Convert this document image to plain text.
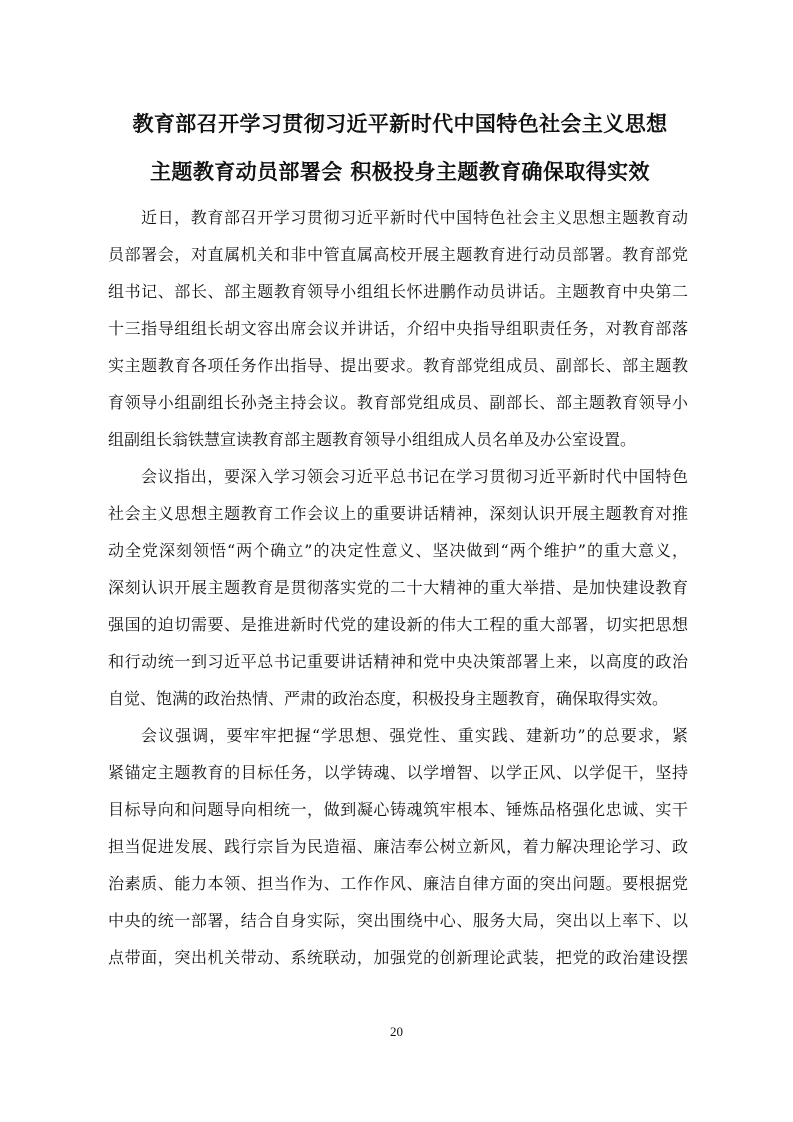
教育部召开学习贯彻习近平新时代中国特色社会主义思想
主题教育动员部署会 积极投身主题教育确保取得实效
近日，教育部召开学习贯彻习近平新时代中国特色社会主义思想主题教育动
员部署会，对直属机关和非中管直属高校开展主题教育进行动员部署。教育部党
组书记、部长、部主题教育领导小组组长怀进鹏作动员讲话。主题教育中央第二
十三指导组组长胡文容出席会议并讲话，介绍中央指导组职责任务，对教育部落
实主题教育各项任务作出指导、提出要求。教育部党组成员、副部长、部主题教
育领导小组副组长孙尧主持会议。教育部党组成员、副部长、部主题教育领导小
组副组长翁铁慧宣读教育部主题教育领导小组组成人员名单及办公室设置。
会议指出，要深入学习领会习近平总书记在学习贯彻习近平新时代中国特色
社会主义思想主题教育工作会议上的重要讲话精神，深刻认识开展主题教育对推
动全党深刻领悟“两个确立”的决定性意义、坚决做到“两个维护”的重大意义，
深刻认识开展主题教育是贯彻落实党的二十大精神的重大举措、是加快建设教育
强国的迫切需要、是推进新时代党的建设新的伟大工程的重大部署，切实把思想
和行动统一到习近平总书记重要讲话精神和党中央决策部署上来，以高度的政治
自觉、饱满的政治热情、严肃的政治态度，积极投身主题教育，确保取得实效。
会议强调，要牢牢把握“学思想、强党性、重实践、建新功”的总要求，紧
紧锚定主题教育的目标任务，以学铸魂、以学增智、以学正风、以学促干，坚持
目标导向和问题导向相统一，做到凝心铸魂筑牢根本、锤炼品格强化忠诚、实干
担当促进发展、践行宗旨为民造福、廉洁奉公树立新风，着力解决理论学习、政
治素质、能力本领、担当作为、工作作风、廉洁自律方面的突出问题。要根据党
中央的统一部署，结合自身实际，突出围绕中心、服务大局，突出以上率下、以
点带面，突出机关带动、系统联动，加强党的创新理论武装，把党的政治建设摆
20
